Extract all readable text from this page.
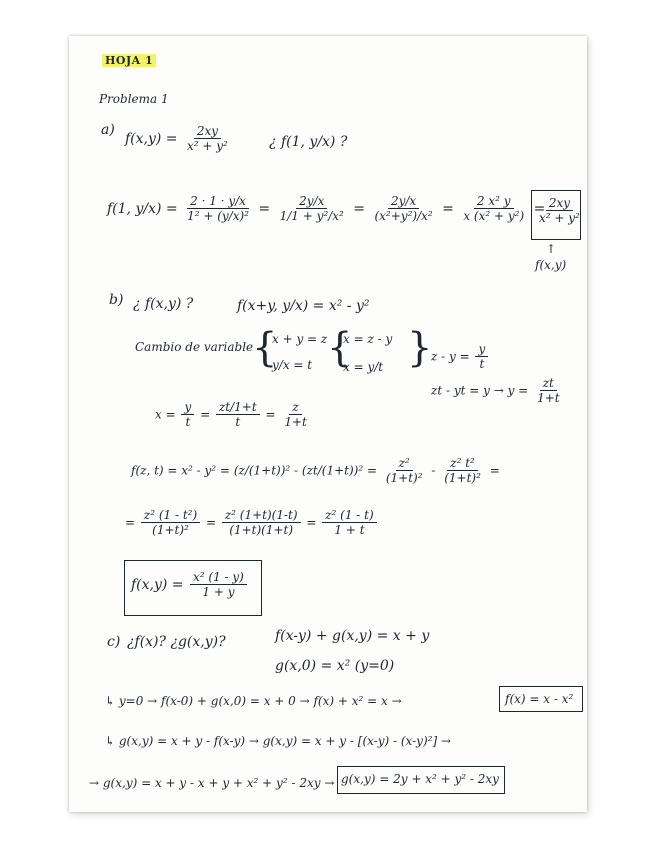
HOJA 1
Problema 1
a)
$f(x,y) = \frac{2xy}{\text{x² + y²}}$	¿ f(1, y/x) ?
f(1, $y/x) = \frac{2 \cdot 1 \cdot y/x}{\text{1² + (y/x)²}} = \frac{2y/x}{\text{1/1 + y²/x²}} = \frac{2y/x}{\text{(x²+y²)/x²}} = \frac{\text{2 x² y}}{\text{x (x² + y²)}}$ =
$\frac{2xy}{\text{x² + y²}}$
↑
f(x,y)
b) ¿ f(x,y) ?	f(x+y, y/x) = x² - y²
Cambio de variable
{
x + y = z
y/x = t {
x = z - y
x = y/t }
$z - y = \frac{y}{t}$
zt - yt = $y \to y = \frac{zt}{1+t}$
$x = \frac{y}{t} = \frac{zt/1+t}{t} = \frac{z}{1+t}$
f(z, $t) = x^2 - y^2 = (z/(1+t))^2 - (zt/(1+t))^2 = \frac{\text{z²}}{\text{(1+t)²}} - \frac{\text{z² t²}}{\text{(1+t)²}}$ =
= $\frac{\text{z² (1 - t²)}}{\text{(1+t)²}} = \frac{\text{z² (1+t)(1-t)}}{(1+t)(1+t)} = \frac{\text{z² (1 - t)}}{1 + t}$
$f(x,y) = \frac{\text{x² (1 - y)}}{1 + y}$
c) ¿f(x)? ¿g(x,y)?	f(x-y) + g(x,y) = x + y
g(x,0) = x² (y=0)
↳ y=0 → f(x-0) + g(x,0) = x + 0 → f(x) + x² = x →	f(x) = x - x²
↳ g(x,y) = x + y - f(x-y) → g(x,y) = x + y - [(x-y) - (x-y)²] →
→ g(x,y) = x + y - x + y + x² + y² - 2xy → g(x,y) = 2y + x² + y² - 2xy
